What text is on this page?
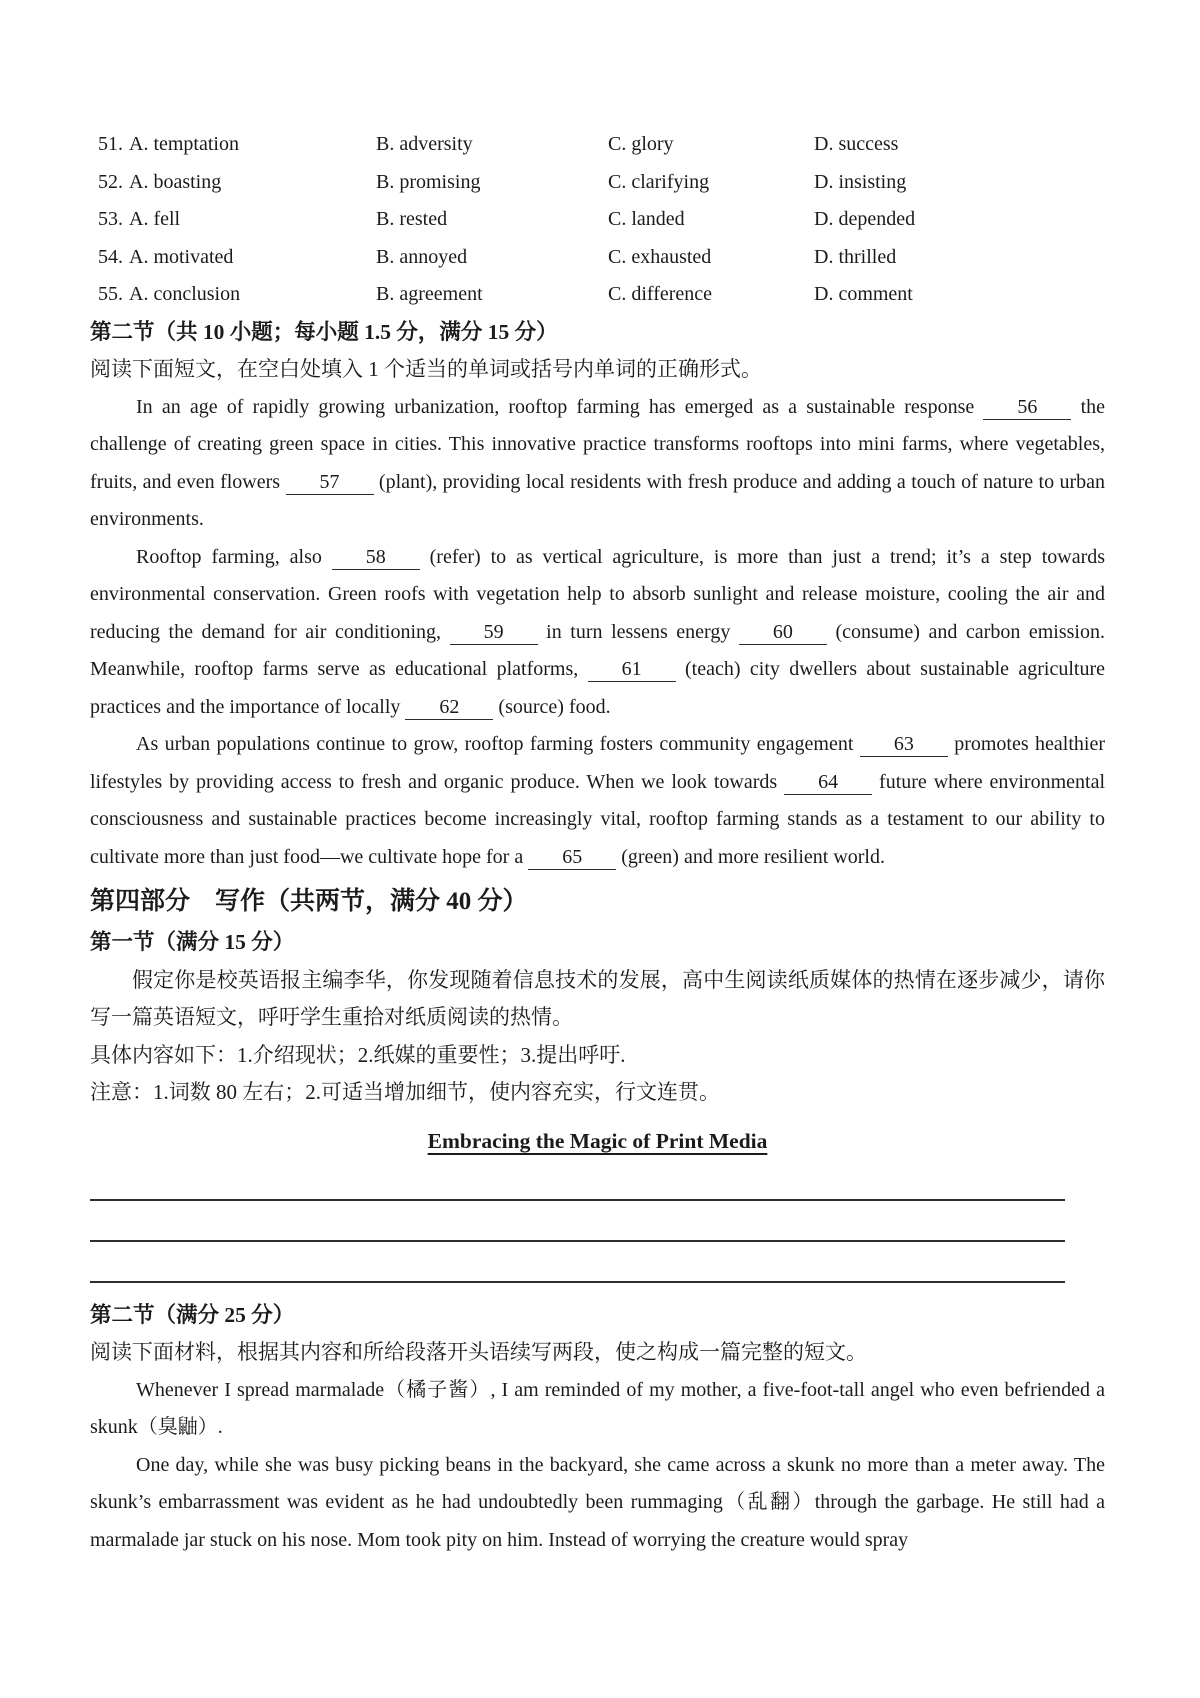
51. A. temptation	B. adversity	C. glory	D. success
52. A. boasting	B. promising	C. clarifying	D. insisting
53. A. fell	B. rested	C. landed	D. depended
54. A. motivated	B. annoyed	C. exhausted	D. thrilled
55. A. conclusion	B. agreement	C. difference	D. comment
第二节（共 10 小题；每小题 1.5 分，满分 15 分）
阅读下面短文，在空白处填入 1 个适当的单词或括号内单词的正确形式。

In an age of rapidly growing urbanization, rooftop farming has emerged as a sustainable response 56 the challenge of creating green space in cities. This innovative practice transforms rooftops into mini farms, where vegetables, fruits, and even flowers 57 (plant), providing local residents with fresh produce and adding a touch of nature to urban environments.

Rooftop farming, also 58 (refer) to as vertical agriculture, is more than just a trend; it’s a step towards environmental conservation. Green roofs with vegetation help to absorb sunlight and release moisture, cooling the air and reducing the demand for air conditioning, 59 in turn lessens energy 60 (consume) and carbon emission. Meanwhile, rooftop farms serve as educational platforms, 61 (teach) city dwellers about sustainable agriculture practices and the importance of locally 62 (source) food.

As urban populations continue to grow, rooftop farming fosters community engagement 63 promotes healthier lifestyles by providing access to fresh and organic produce. When we look towards 64 future where environmental consciousness and sustainable practices become increasingly vital, rooftop farming stands as a testament to our ability to cultivate more than just food—we cultivate hope for a 65 (green) and more resilient world.

第四部分　写作（共两节，满分 40 分）
第一节（满分 15 分）

假定你是校英语报主编李华，你发现随着信息技术的发展，高中生阅读纸质媒体的热情在逐步减少，请你写一篇英语短文，呼吁学生重拾对纸质阅读的热情。

具体内容如下：1.介绍现状；2.纸媒的重要性；3.提出呼吁.
注意：1.词数 80 左右；2.可适当增加细节，使内容充实，行文连贯。
Embracing the Magic of Print Media
第二节（满分 25 分）
阅读下面材料，根据其内容和所给段落开头语续写两段，使之构成一篇完整的短文。

Whenever I spread marmalade（橘子酱）, I am reminded of my mother, a five-foot-tall angel who even befriended a skunk（臭鼬）.

One day, while she was busy picking beans in the backyard, she came across a skunk no more than a meter away. The skunk’s embarrassment was evident as he had undoubtedly been rummaging（乱翻）through the garbage. He still had a marmalade jar stuck on his nose. Mom took pity on him. Instead of worrying the creature would spray
